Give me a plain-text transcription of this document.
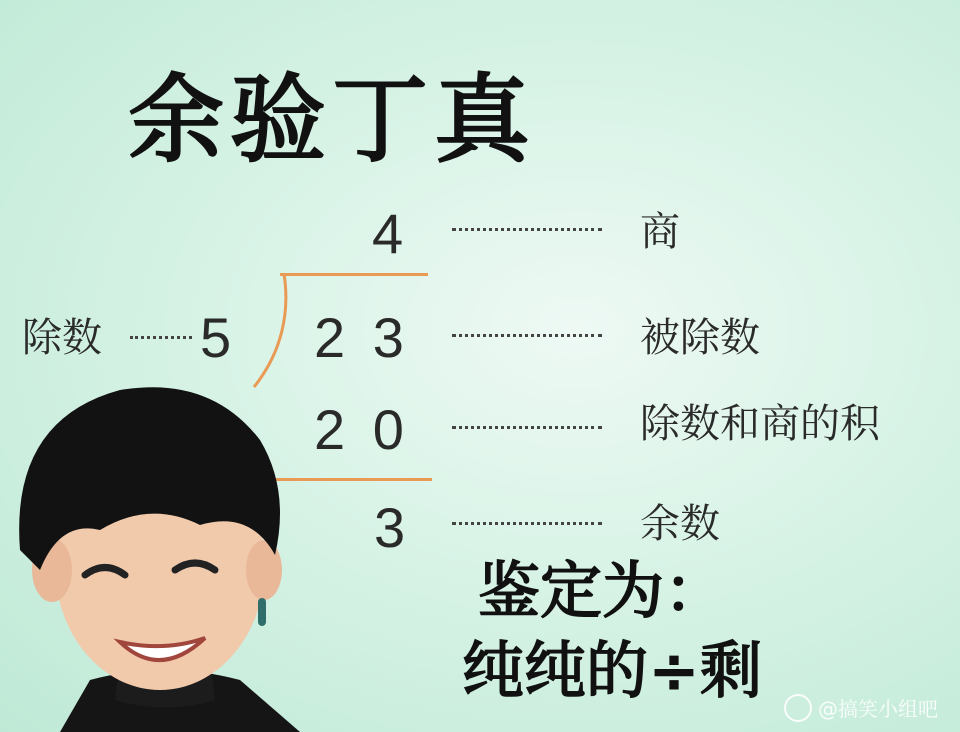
余验丁真
4	商
除数 5 2 3	被除数
2 0	除数和商的积
3	余数
鉴定为：
纯纯的÷剩
@搞笑小组吧
